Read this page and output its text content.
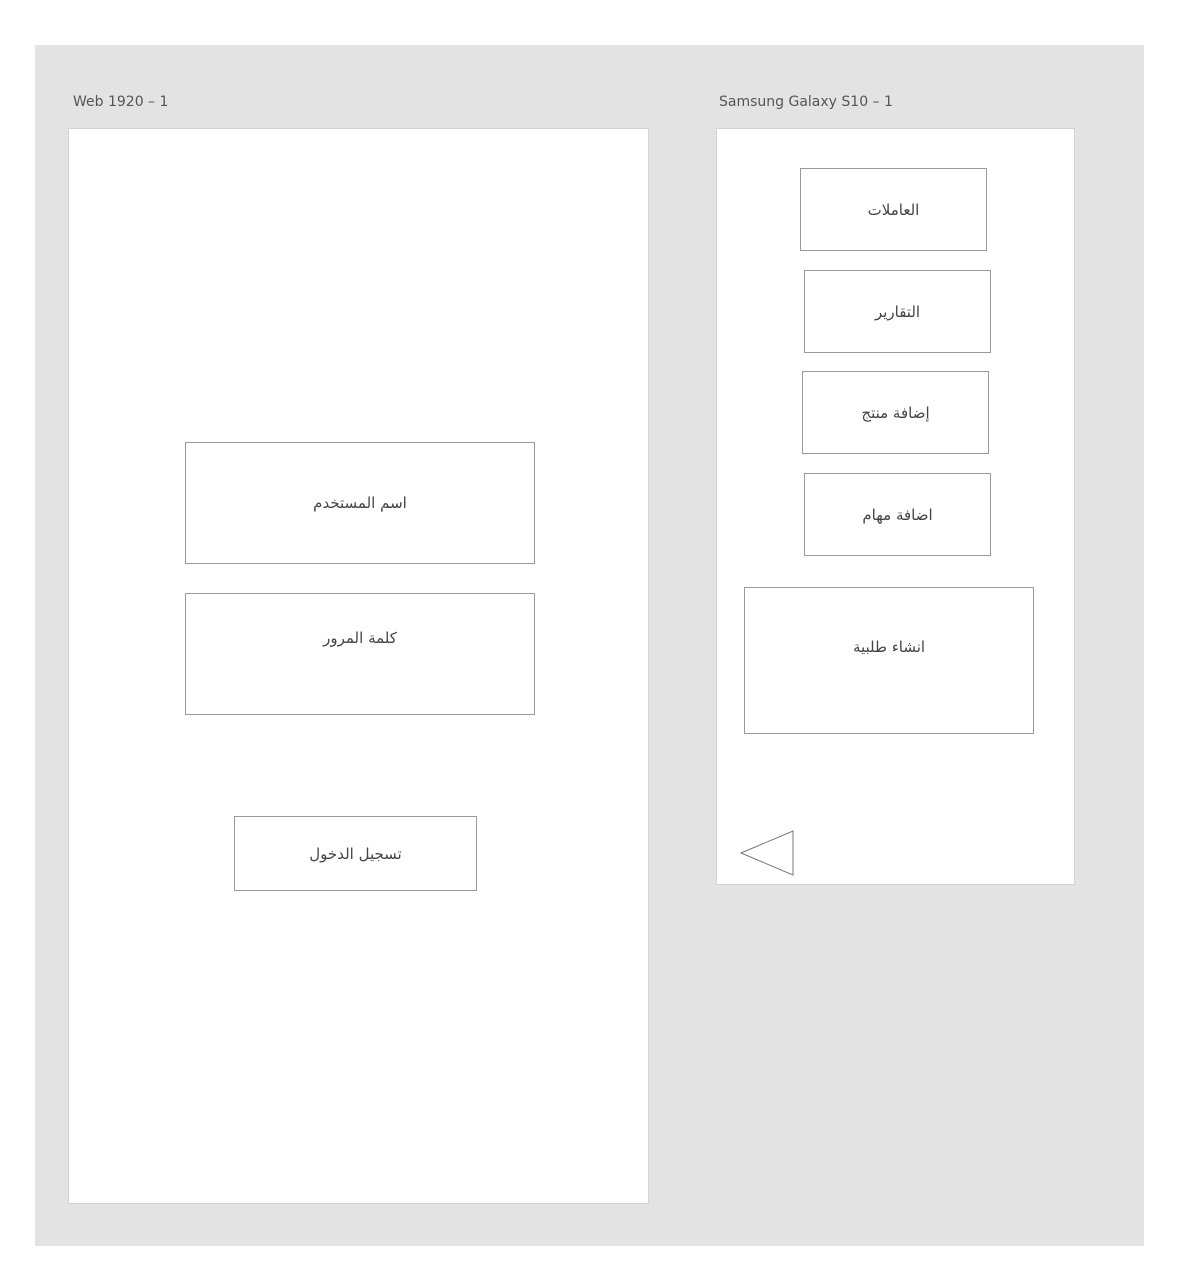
Web 1920 – 1
اسم المستخدم
كلمة المرور
تسجيل الدخول
Samsung Galaxy S10 – 1
العاملات
التقارير
إضافة منتج
اضافة مهام
انشاء طلبية
